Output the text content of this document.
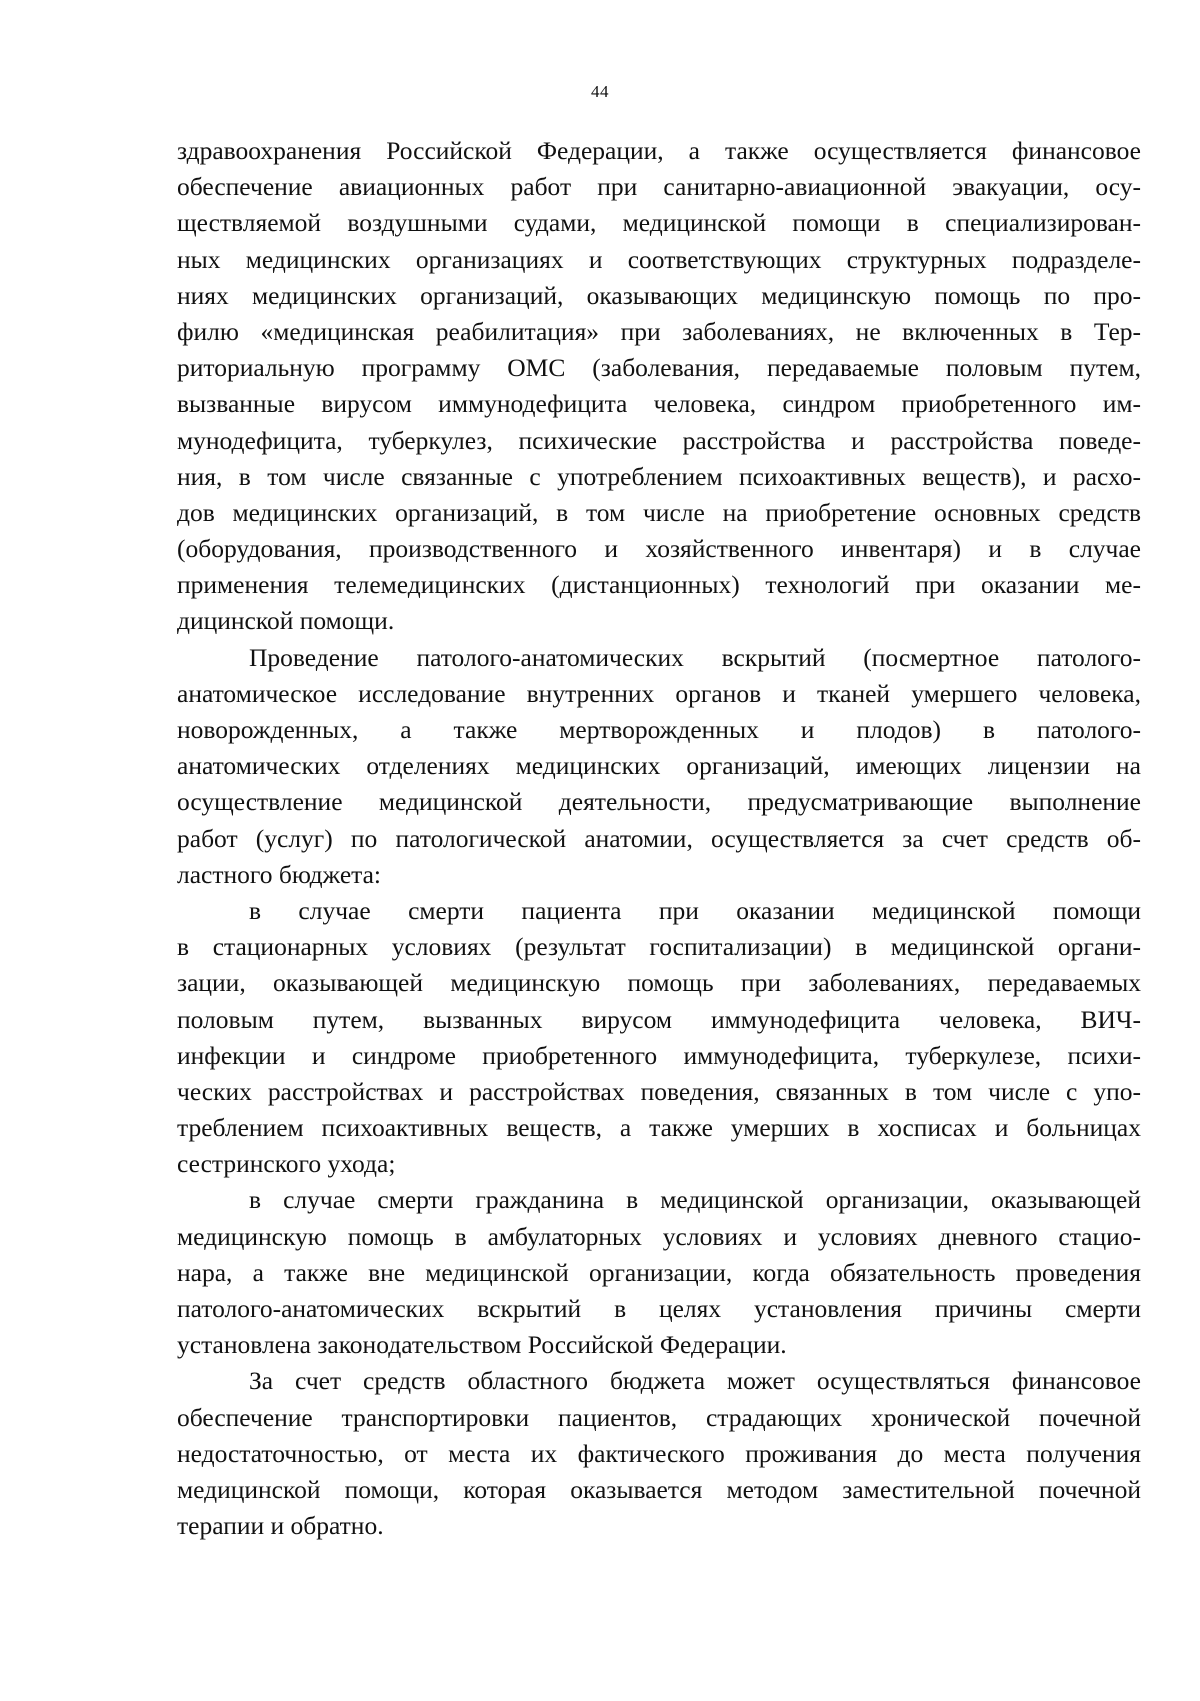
44
здравоохранения Российской Федерации, а также осуществляется финансовое
обеспечение авиационных работ при санитарно-авиационной эвакуации, осу-
ществляемой воздушными судами, медицинской помощи в специализирован-
ных медицинских организациях и соответствующих структурных подразделе-
ниях медицинских организаций, оказывающих медицинскую помощь по про-
филю «медицинская реабилитация» при заболеваниях, не включенных в Тер-
риториальную программу ОМС (заболевания, передаваемые половым путем,
вызванные вирусом иммунодефицита человека, синдром приобретенного им-
мунодефицита, туберкулез, психические расстройства и расстройства поведе-
ния, в том числе связанные с употреблением психоактивных веществ), и расхо-
дов медицинских организаций, в том числе на приобретение основных средств
(оборудования, производственного и хозяйственного инвентаря) и в случае
применения телемедицинских (дистанционных) технологий при оказании ме-
дицинской помощи.
Проведение патолого-анатомических вскрытий (посмертное патолого-
анатомическое исследование внутренних органов и тканей умершего человека,
новорожденных, а также мертворожденных и плодов) в патолого-
анатомических отделениях медицинских организаций, имеющих лицензии на
осуществление медицинской деятельности, предусматривающие выполнение
работ (услуг) по патологической анатомии, осуществляется за счет средств об-
ластного бюджета:
в случае смерти пациента при оказании медицинской помощи
в стационарных условиях (результат госпитализации) в медицинской органи-
зации, оказывающей медицинскую помощь при заболеваниях, передаваемых
половым путем, вызванных вирусом иммунодефицита человека, ВИЧ-
инфекции и синдроме приобретенного иммунодефицита, туберкулезе, психи-
ческих расстройствах и расстройствах поведения, связанных в том числе с упо-
треблением психоактивных веществ, а также умерших в хосписах и больницах
сестринского ухода;
в случае смерти гражданина в медицинской организации, оказывающей
медицинскую помощь в амбулаторных условиях и условиях дневного стацио-
нара, а также вне медицинской организации, когда обязательность проведения
патолого-анатомических вскрытий в целях установления причины смерти
установлена законодательством Российской Федерации.
За счет средств областного бюджета может осуществляться финансовое
обеспечение транспортировки пациентов, страдающих хронической почечной
недостаточностью, от места их фактического проживания до места получения
медицинской помощи, которая оказывается методом заместительной почечной
терапии и обратно.
